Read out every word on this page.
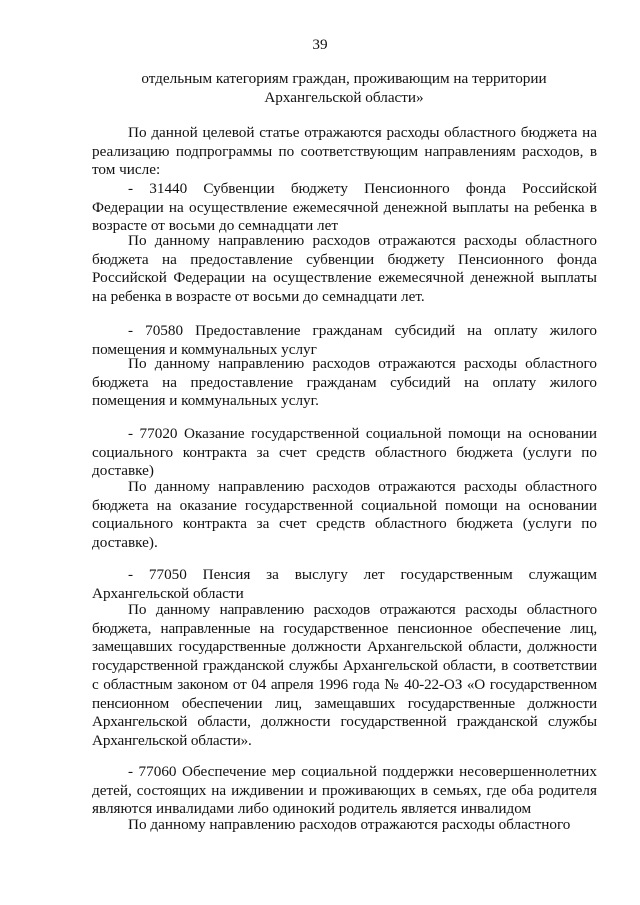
39
отдельным категориям граждан, проживающим на территории
Архангельской области»

По данной целевой статье отражаются расходы областного бюджета на реализацию подпрограммы по соответствующим направлениям расходов, в том числе:

- 31440 Субвенции бюджету Пенсионного фонда Российской Федерации на осуществление ежемесячной денежной выплаты на ребенка в возрасте от восьми до семнадцати лет

По данному направлению расходов отражаются расходы областного бюджета на предоставление субвенции бюджету Пенсионного фонда Российской Федерации на осуществление ежемесячной денежной выплаты на ребенка в возрасте от восьми до семнадцати лет.

- 70580 Предоставление гражданам субсидий на оплату жилого помещения и коммунальных услуг

По данному направлению расходов отражаются расходы областного бюджета на предоставление гражданам субсидий на оплату жилого помещения и коммунальных услуг.

- 77020 Оказание государственной социальной помощи на основании социального контракта за счет средств областного бюджета (услуги по доставке)

По данному направлению расходов отражаются расходы областного бюджета на оказание государственной социальной помощи на основании социального контракта за счет средств областного бюджета (услуги по доставке).

- 77050 Пенсия за выслугу лет государственным служащим Архангельской области

По данному направлению расходов отражаются расходы областного бюджета, направленные на государственное пенсионное обеспечение лиц, замещавших государственные должности Архангельской области, должности государственной гражданской службы Архангельской области, в соответствии с областным законом от 04 апреля 1996 года № 40-22-ОЗ «О государственном пенсионном обеспечении лиц, замещавших государственные должности Архангельской области, должности государственной гражданской службы Архангельской области».

- 77060 Обеспечение мер социальной поддержки несовершеннолетних детей, состоящих на иждивении и проживающих в семьях, где оба родителя являются инвалидами либо одинокий родитель является инвалидом

По данному направлению расходов отражаются расходы областного
